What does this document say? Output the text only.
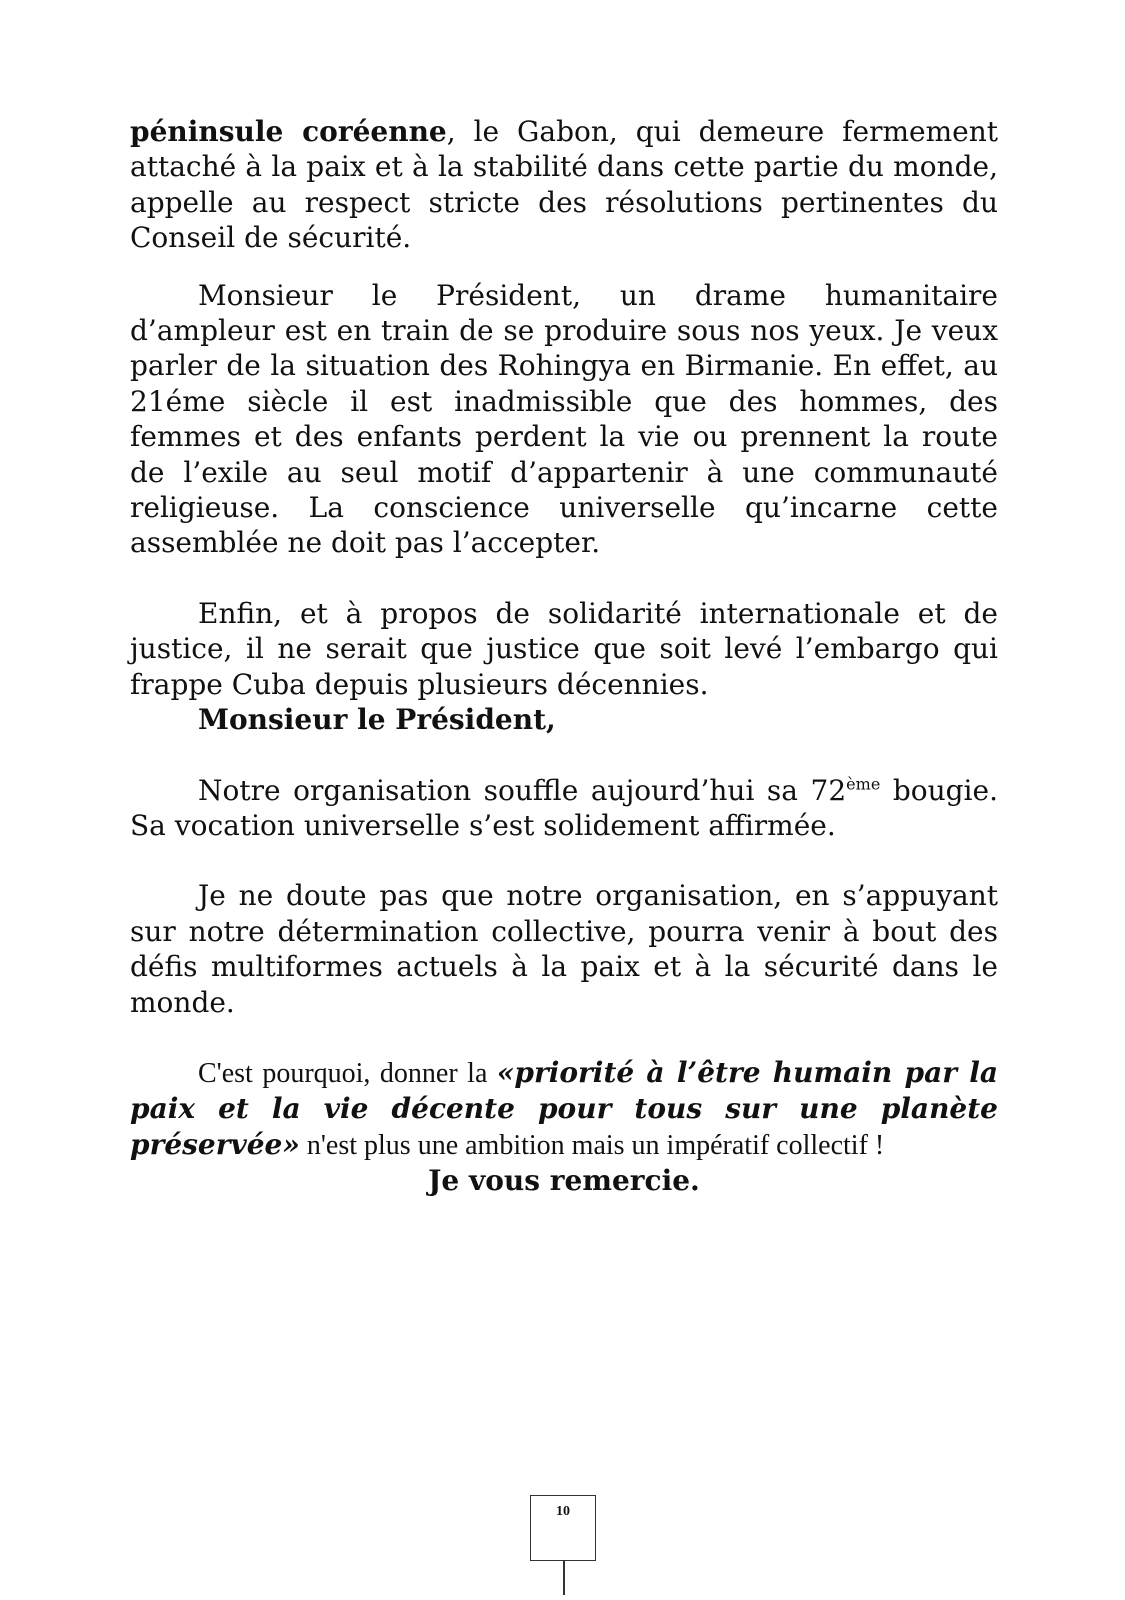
péninsule coréenne, le Gabon, qui demeure fermement attaché à la paix et à la stabilité dans cette partie du monde, appelle au respect stricte des résolutions pertinentes du Conseil de sécurité.

Monsieur le Président, un drame humanitaire d’ampleur est en train de se produire sous nos yeux. Je veux parler de la situation des Rohingya en Birmanie. En effet, au 21éme siècle il est inadmissible que des hommes, des femmes et des enfants perdent la vie ou prennent la route de l’exile au seul motif d’appartenir à une communauté religieuse. La conscience universelle qu’incarne cette assemblée ne doit pas l’accepter.

Enfin, et à propos de solidarité internationale et de justice, il ne serait que justice que soit levé l’embargo qui frappe Cuba depuis plusieurs décennies.

Monsieur le Président,

Notre organisation souffle aujourd’hui sa 72ème bougie. Sa vocation universelle s’est solidement affirmée.

Je ne doute pas que notre organisation, en s’appuyant sur notre détermination collective, pourra venir à bout des défis multiformes actuels à la paix et à la sécurité dans le monde.

C'est pourquoi, donner la «priorité à l’être humain par la paix et la vie décente pour tous sur une planète préservée» n'est plus une ambition mais un impératif collectif !

Je vous remercie.

10
